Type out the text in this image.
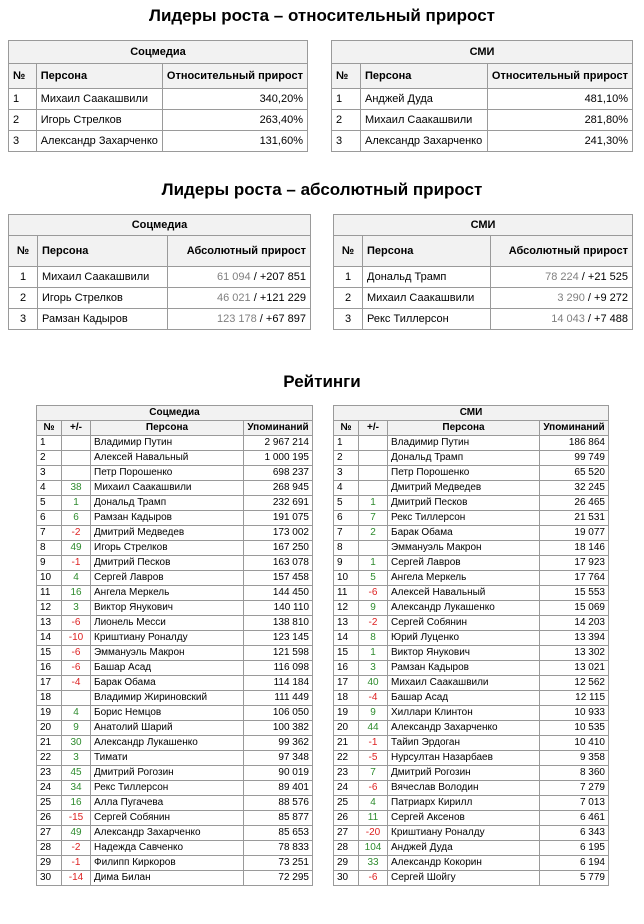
Лидеры роста – относительный прирост
Соцмедиа		
№	Персона	Относительный прирост
1	Михаил Саакашвили	340,20%
2	Игорь Стрелков	263,40%
3	Александр Захарченко	131,60%
СМИ		
№	Персона	Относительный прирост
1	Анджей Дуда	481,10%
2	Михаил Саакашвили	281,80%
3	Александр Захарченко	241,30%
Лидеры роста – абсолютный прирост
Соцмедиа		
№	Персона	Абсолютный прирост
1	Михаил Саакашвили	61 094 / +207 851
2	Игорь Стрелков	46 021 / +121 229
3	Рамзан Кадыров	123 178 / +67 897
СМИ		
№	Персона	Абсолютный прирост
1	Дональд Трамп	78 224 / +21 525
2	Михаил Саакашвили	3 290 / +9 272
3	Рекс Тиллерсон	14 043 / +7 488
Рейтинги
Соцмедиа			
№	+/-	Персона	Упоминаний
1		Владимир Путин	2 967 214
2		Алексей Навальный	1 000 195
3		Петр Порошенко	698 237
4	38	Михаил Саакашвили	268 945
5	1	Дональд Трамп	232 691
6	6	Рамзан Кадыров	191 075
7	-2	Дмитрий Медведев	173 002
8	49	Игорь Стрелков	167 250
9	-1	Дмитрий Песков	163 078
10	4	Сергей Лавров	157 458
11	16	Ангела Меркель	144 450
12	3	Виктор Янукович	140 110
13	-6	Лионель Месси	138 810
14	-10	Криштиану Роналду	123 145
15	-6	Эммануэль Макрон	121 598
16	-6	Башар Асад	116 098
17	-4	Барак Обама	114 184
18		Владимир Жириновский	111 449
19	4	Борис Немцов	106 050
20	9	Анатолий Шарий	100 382
21	30	Александр Лукашенко	99 362
22	3	Тимати	97 348
23	45	Дмитрий Рогозин	90 019
24	34	Рекс Тиллерсон	89 401
25	16	Алла Пугачева	88 576
26	-15	Сергей Собянин	85 877
27	49	Александр Захарченко	85 653
28	-2	Надежда Савченко	78 833
29	-1	Филипп Киркоров	73 251
30	-14	Дима Билан	72 295
СМИ			
№	+/-	Персона	Упоминаний
1		Владимир Путин	186 864
2		Дональд Трамп	99 749
3		Петр Порошенко	65 520
4		Дмитрий Медведев	32 245
5	1	Дмитрий Песков	26 465
6	7	Рекс Тиллерсон	21 531
7	2	Барак Обама	19 077
8		Эммануэль Макрон	18 146
9	1	Сергей Лавров	17 923
10	5	Ангела Меркель	17 764
11	-6	Алексей Навальный	15 553
12	9	Александр Лукашенко	15 069
13	-2	Сергей Собянин	14 203
14	8	Юрий Луценко	13 394
15	1	Виктор Янукович	13 302
16	3	Рамзан Кадыров	13 021
17	40	Михаил Саакашвили	12 562
18	-4	Башар Асад	12 115
19	9	Хиллари Клинтон	10 933
20	44	Александр Захарченко	10 535
21	-1	Тайип Эрдоган	10 410
22	-5	Нурсултан Назарбаев	9 358
23	7	Дмитрий Рогозин	8 360
24	-6	Вячеслав Володин	7 279
25	4	Патриарх Кирилл	7 013
26	11	Сергей Аксенов	6 461
27	-20	Криштиану Роналду	6 343
28	104	Анджей Дуда	6 195
29	33	Александр Кокорин	6 194
30	-6	Сергей Шойгу	5 779
